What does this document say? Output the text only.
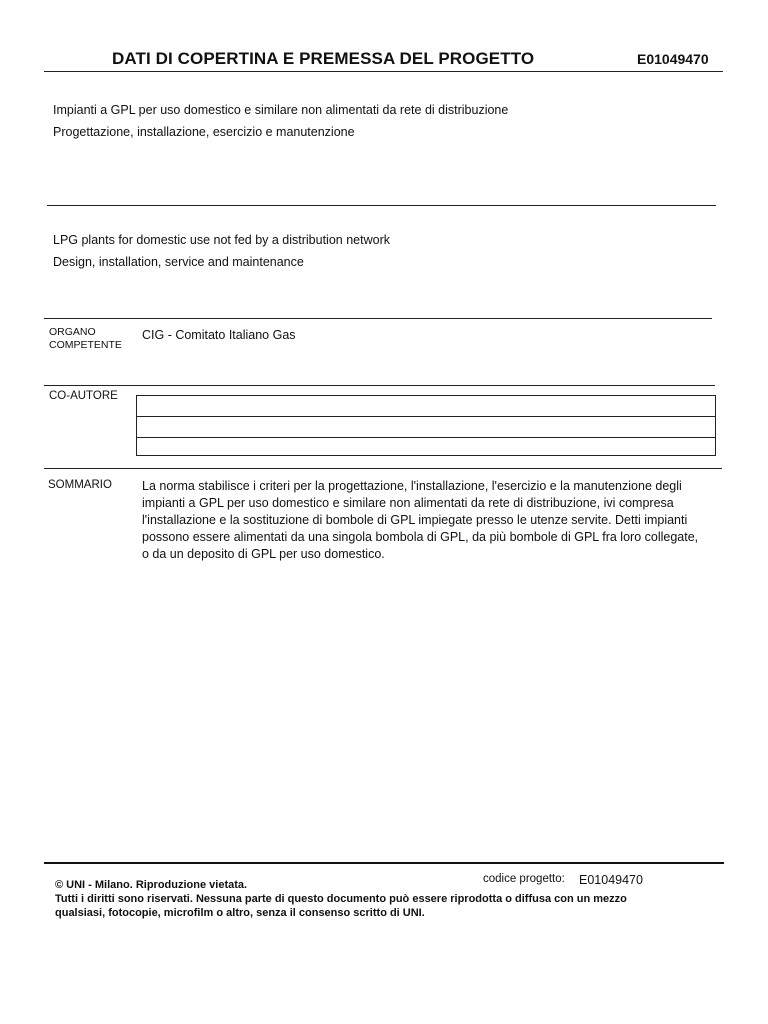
DATI DI COPERTINA E PREMESSA DEL PROGETTO	E01049470
Impianti a GPL per uso domestico e similare non alimentati da rete di distribuzione
Progettazione, installazione, esercizio e manutenzione
LPG plants for domestic use not fed by a distribution network
Design, installation, service and maintenance
ORGANO
COMPETENTE
CIG - Comitato Italiano Gas
CO-AUTORE
SOMMARIO La norma stabilisce i criteri per la progettazione, l'installazione, l'esercizio e la manutenzione degli
impianti a GPL per uso domestico e similare non alimentati da rete di distribuzione, ivi compresa
l'installazione e la sostituzione di bombole di GPL impiegate presso le utenze servite. Detti impianti
possono essere alimentati da una singola bombola di GPL, da più bombole di GPL fra loro collegate,
o da un deposito di GPL per uso domestico.
codice progetto: E01049470
© UNI - Milano. Riproduzione vietata.
Tutti i diritti sono riservati. Nessuna parte di questo documento può essere riprodotta o diffusa con un mezzo
qualsiasi, fotocopie, microfilm o altro, senza il consenso scritto di UNI.
